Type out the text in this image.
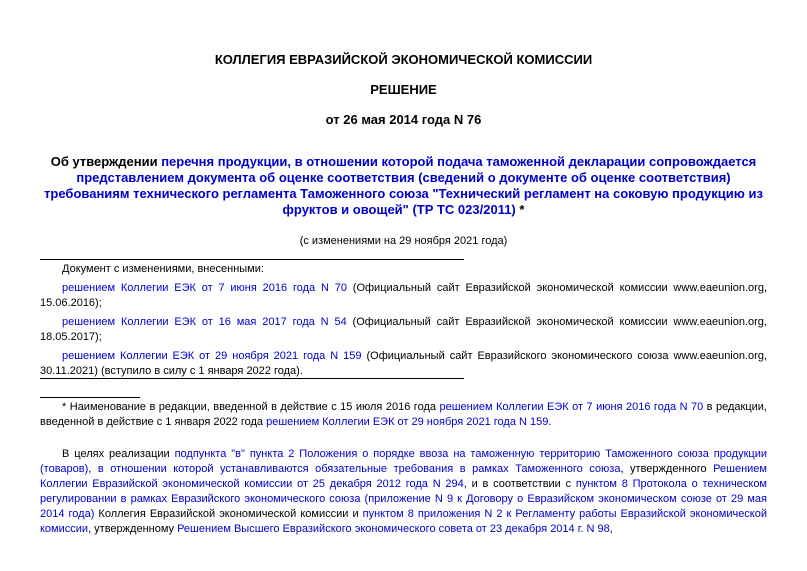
КОЛЛЕГИЯ ЕВРАЗИЙСКОЙ ЭКОНОМИЧЕСКОЙ КОМИССИИ
РЕШЕНИЕ
от 26 мая 2014 года N 76
Об утверждении перечня продукции, в отношении которой подача таможенной декларации сопровождается представлением документа об оценке соответствия (сведений о документе об оценке соответствия) требованиям технического регламента Таможенного союза "Технический регламент на соковую продукцию из фруктов и овощей" (ТР ТС 023/2011) *
(с изменениями на 29 ноября 2021 года)

Документ с изменениями, внесенными:

решением Коллегии ЕЭК от 7 июня 2016 года N 70 (Официальный сайт Евразийской экономической комиссии www.eaeunion.org, 15.06.2016);

решением Коллегии ЕЭК от 16 мая 2017 года N 54 (Официальный сайт Евразийской экономической комиссии www.eaeunion.org, 18.05.2017);

решением Коллегии ЕЭК от 29 ноября 2021 года N 159 (Официальный сайт Евразийского экономического союза www.eaeunion.org, 30.11.2021) (вступило в силу с 1 января 2022 года).

* Наименование в редакции, введенной в действие с 15 июля 2016 года решением Коллегии ЕЭК от 7 июня 2016 года N 70 в редакции, введенной в действие с 1 января 2022 года решением Коллегии ЕЭК от 29 ноября 2021 года N 159.

В целях реализации подпункта "в" пункта 2 Положения о порядке ввоза на таможенную территорию Таможенного союза продукции (товаров), в отношении которой устанавливаются обязательные требования в рамках Таможенного союза, утвержденного Решением Коллегии Евразийской экономической комиссии от 25 декабря 2012 года N 294, и в соответствии с пунктом 8 Протокола о техническом регулировании в рамках Евразийского экономического союза (приложение N 9 к Договору о Евразийском экономическом союзе от 29 мая 2014 года) Коллегия Евразийской экономической комиссии и пунктом 8 приложения N 2 к Регламенту работы Евразийской экономической комиссии, утвержденному Решением Высшего Евразийского экономического совета от 23 декабря 2014 г. N 98,
